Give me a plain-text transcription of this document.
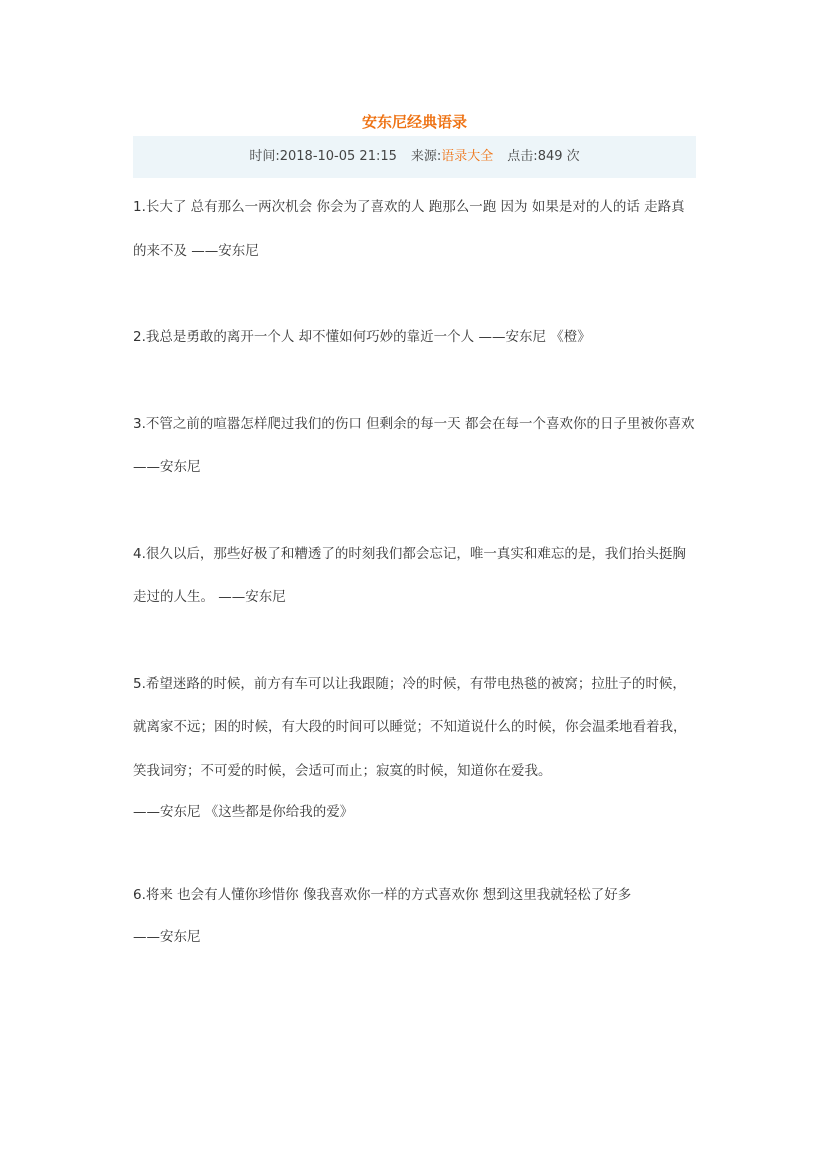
安东尼经典语录
时间:2018-10-05 21:15 来源:语录大全 点击:849 次

1.长大了 总有那么一两次机会 你会为了喜欢的人 跑那么一跑 因为 如果是对的人的话 走路真的来不及 ——安东尼

2.我总是勇敢的离开一个人 却不懂如何巧妙的靠近一个人 ——安东尼 《橙》

3.不管之前的喧嚣怎样爬过我们的伤口 但剩余的每一天 都会在每一个喜欢你的日子里被你喜欢 ——安东尼

4.很久以后，那些好极了和糟透了的时刻我们都会忘记，唯一真实和难忘的是，我们抬头挺胸走过的人生。 ——安东尼

5.希望迷路的时候，前方有车可以让我跟随；冷的时候，有带电热毯的被窝；拉肚子的时候，就离家不远；困的时候，有大段的时间可以睡觉；不知道说什么的时候，你会温柔地看着我，笑我词穷；不可爱的时候，会适可而止；寂寞的时候，知道你在爱我。
——安东尼 《这些都是你给我的爱》

6.将来 也会有人懂你珍惜你 像我喜欢你一样的方式喜欢你 想到这里我就轻松了好多
——安东尼
